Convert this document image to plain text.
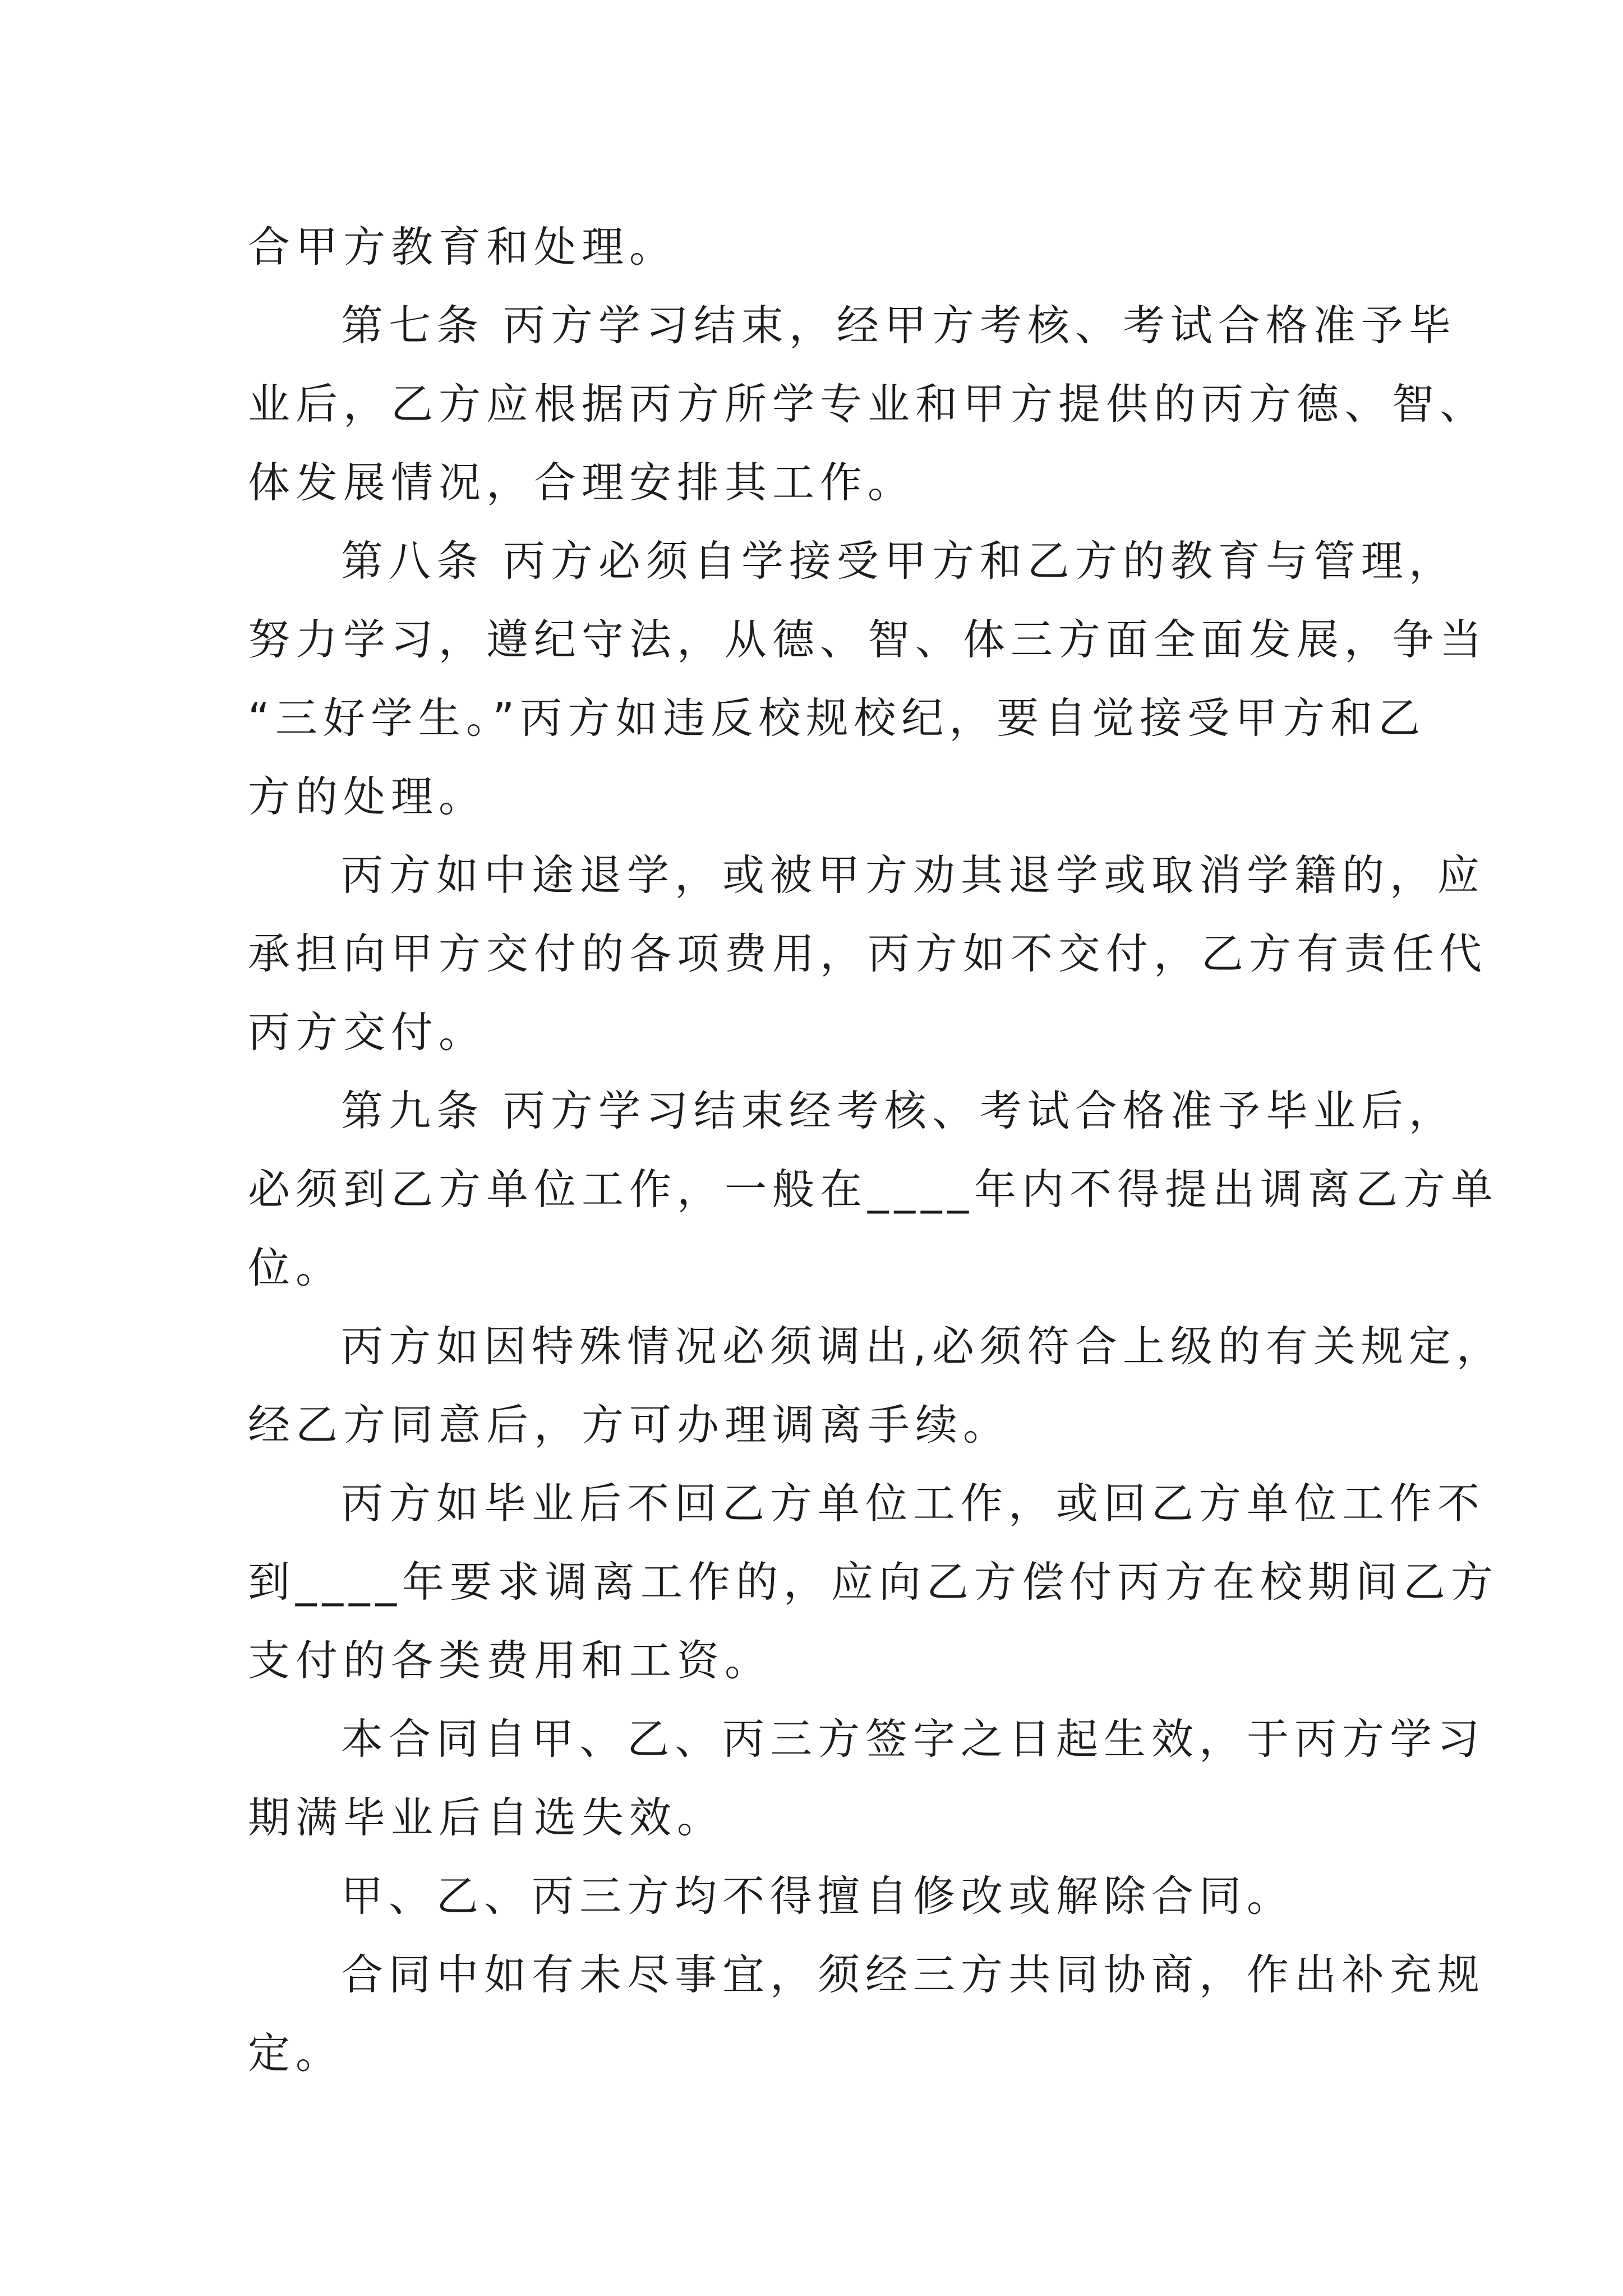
合甲方教育和处理。

第七条 丙方学习结束，经甲方考核、考试合格准予毕
业后，乙方应根据丙方所学专业和甲方提供的丙方德、智、
体发展情况，合理安排其工作。

第八条 丙方必须自学接受甲方和乙方的教育与管理，
努力学习，遵纪守法，从德、智、体三方面全面发展，争当
“三好学生。”丙方如违反校规校纪，要自觉接受甲方和乙
方的处理。

丙方如中途退学，或被甲方劝其退学或取消学籍的，应
承担向甲方交付的各项费用，丙方如不交付，乙方有责任代
丙方交付。

第九条 丙方学习结束经考核、考试合格准予毕业后，
必须到乙方单位工作，一般在____年内不得提出调离乙方单
位。

丙方如因特殊情况必须调出,必须符合上级的有关规定，
经乙方同意后，方可办理调离手续。

丙方如毕业后不回乙方单位工作，或回乙方单位工作不
到____年要求调离工作的，应向乙方偿付丙方在校期间乙方
支付的各类费用和工资。

本合同自甲、乙、丙三方签字之日起生效，于丙方学习
期满毕业后自选失效。

甲、乙、丙三方均不得擅自修改或解除合同。

合同中如有未尽事宜，须经三方共同协商，作出补充规
定。
